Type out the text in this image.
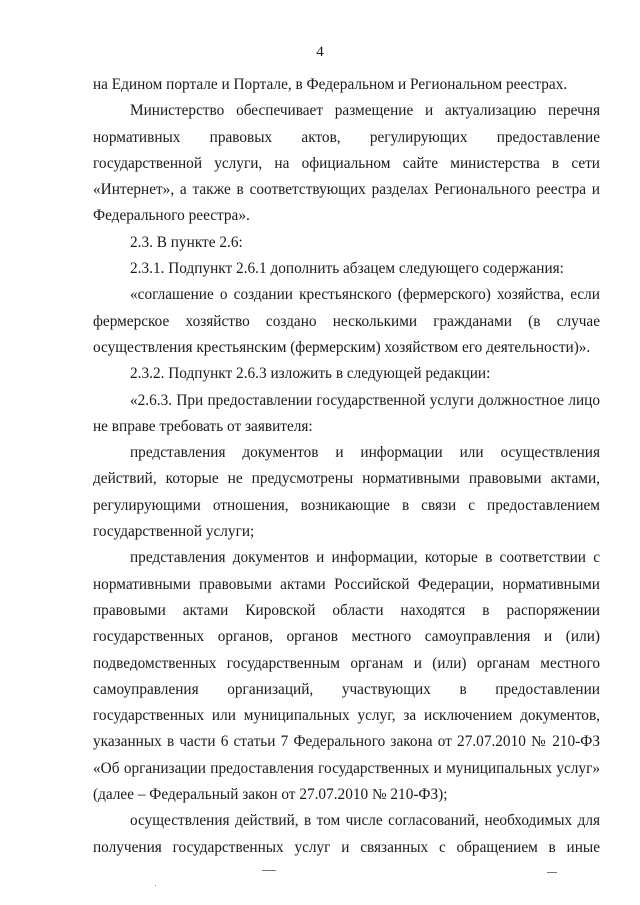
4

на Едином портале и Портале, в Федеральном и Региональном реестрах.

Министерство обеспечивает размещение и актуализацию перечня нормативных правовых актов, регулирующих предоставление государственной услуги, на официальном сайте министерства в сети «Интернет», а также в соответствующих разделах Регионального реестра и Федерального реестра».

2.3. В пункте 2.6:

2.3.1. Подпункт 2.6.1 дополнить абзацем следующего содержания:

«соглашение о создании крестьянского (фермерского) хозяйства, если фермерское хозяйство создано несколькими гражданами (в случае осуществления крестьянским (фермерским) хозяйством его деятельности)».

2.3.2. Подпункт 2.6.3 изложить в следующей редакции:

«2.6.3. При предоставлении государственной услуги должностное лицо не вправе требовать от заявителя:

представления документов и информации или осуществления действий, которые не предусмотрены нормативными правовыми актами, регулирующими отношения, возникающие в связи с предоставлением государственной услуги;

представления документов и информации, которые в соответствии с нормативными правовыми актами Российской Федерации, нормативными правовыми актами Кировской области находятся в распоряжении государственных органов, органов местного самоуправления и (или) подведомственных государственным органам и (или) органам местного самоуправления организаций, участвующих в предоставлении государственных или муниципальных услуг, за исключением документов, указанных в части 6 статьи 7 Федерального закона от 27.07.2010 № 210-ФЗ «Об организации предоставления государственных и муниципальных услуг» (далее – Федеральный закон от 27.07.2010 № 210-ФЗ);

осуществления действий, в том числе согласований, необходимых для получения государственных услуг и связанных с обращением в иные
